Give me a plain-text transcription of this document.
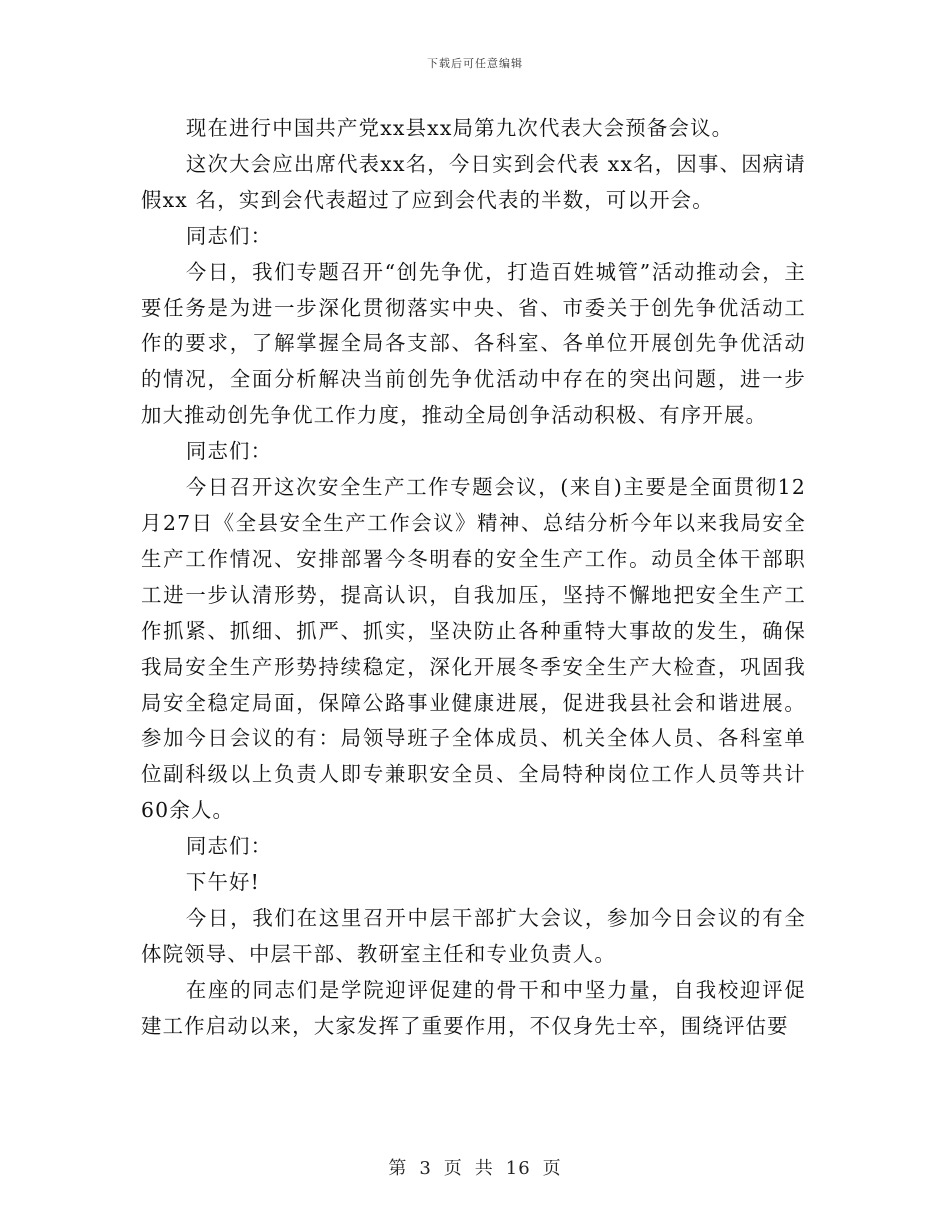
下载后可任意编辑

现在进行中国共产党xx县xx局第九次代表大会预备会议。

这次大会应出席代表xx名，今日实到会代表 xx名，因事、因病请假xx 名，实到会代表超过了应到会代表的半数，可以开会。

同志们：

今日，我们专题召开“创先争优，打造百姓城管”活动推动会，主要任务是为进一步深化贯彻落实中央、省、市委关于创先争优活动工作的要求，了解掌握全局各支部、各科室、各单位开展创先争优活动的情况，全面分析解决当前创先争优活动中存在的突出问题，进一步加大推动创先争优工作力度，推动全局创争活动积极、有序开展。

同志们：

今日召开这次安全生产工作专题会议，(来自)主要是全面贯彻12月27日《全县安全生产工作会议》精神、总结分析今年以来我局安全生产工作情况、安排部署今冬明春的安全生产工作。动员全体干部职工进一步认清形势，提高认识，自我加压，坚持不懈地把安全生产工作抓紧、抓细、抓严、抓实，坚决防止各种重特大事故的发生，确保我局安全生产形势持续稳定，深化开展冬季安全生产大检查，巩固我局安全稳定局面，保障公路事业健康进展，促进我县社会和谐进展。参加今日会议的有：局领导班子全体成员、机关全体人员、各科室单位副科级以上负责人即专兼职安全员、全局特种岗位工作人员等共计60余人。

同志们：

下午好!

今日，我们在这里召开中层干部扩大会议，参加今日会议的有全体院领导、中层干部、教研室主任和专业负责人。

在座的同志们是学院迎评促建的骨干和中坚力量，自我校迎评促建工作启动以来，大家发挥了重要作用，不仅身先士卒，围绕评估要

第 3 页 共 16 页
